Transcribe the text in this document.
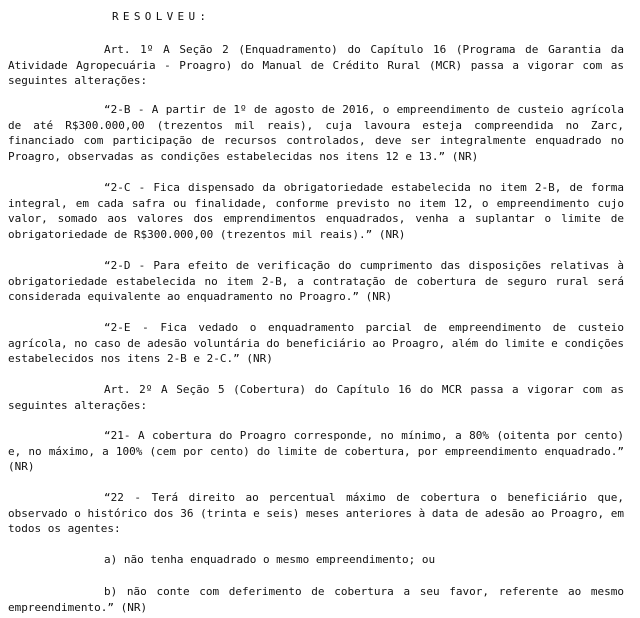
RESOLVEU:

Art. 1º A Seção 2 (Enquadramento) do Capítulo 16 (Programa de Garantia da Atividade Agropecuária - Proagro) do Manual de Crédito Rural (MCR) passa a vigorar com as seguintes alterações:

“2-B - A partir de 1º de agosto de 2016, o empreendimento de custeio agrícola de até R$300.000,00 (trezentos mil reais), cuja lavoura esteja compreendida no Zarc, financiado com participação de recursos controlados, deve ser integralmente enquadrado no Proagro, observadas as condições estabelecidas nos itens 12 e 13.” (NR)

“2-C - Fica dispensado da obrigatoriedade estabelecida no item 2-B, de forma integral, em cada safra ou finalidade, conforme previsto no item 12, o empreendimento cujo valor, somado aos valores dos emprendimentos enquadrados, venha a suplantar o limite de obrigatoriedade de R$300.000,00 (trezentos mil reais).” (NR)

“2-D - Para efeito de verificação do cumprimento das disposições relativas à obrigatoriedade estabelecida no item 2-B, a contratação de cobertura de seguro rural será considerada equivalente ao enquadramento no Proagro.” (NR)

“2-E - Fica vedado o enquadramento parcial de empreendimento de custeio agrícola, no caso de adesão voluntária do beneficiário ao Proagro, além do limite e condições estabelecidos nos itens 2-B e 2-C.” (NR)

Art. 2º A Seção 5 (Cobertura) do Capítulo 16 do MCR passa a vigorar com as seguintes alterações:

“21- A cobertura do Proagro corresponde, no mínimo, a 80% (oitenta por cento) e, no máximo, a 100% (cem por cento) do limite de cobertura, por empreendimento enquadrado.” (NR)

“22 - Terá direito ao percentual máximo de cobertura o beneficiário que, observado o histórico dos 36 (trinta e seis) meses anteriores à data de adesão ao Proagro, em todos os agentes:

a) não tenha enquadrado o mesmo empreendimento; ou

b) não conte com deferimento de cobertura a seu favor, referente ao mesmo empreendimento.” (NR)
